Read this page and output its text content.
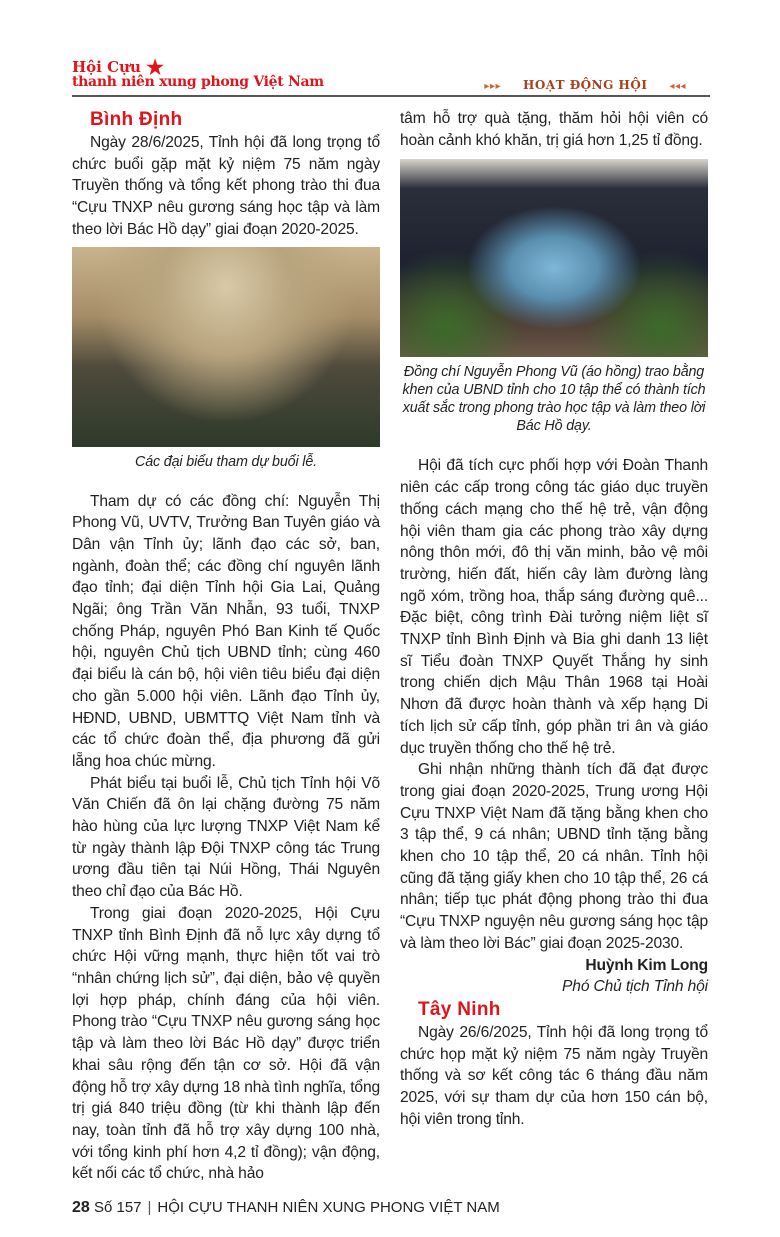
Hội Cựu ★
thanh niên xung phong Việt Nam	▸▸▸ HOẠT ĐỘNG HỘI ◂◂◂
Bình Định

Ngày 28/6/2025, Tỉnh hội đã long trọng tổ chức buổi gặp mặt kỷ niệm 75 năm ngày Truyền thống và tổng kết phong trào thi đua “Cựu TNXP nêu gương sáng học tập và làm theo lời Bác Hồ dạy” giai đoạn 2020-2025.

Các đại biểu tham dự buổi lễ.

Tham dự có các đồng chí: Nguyễn Thị Phong Vũ, UVTV, Trưởng Ban Tuyên giáo và Dân vận Tỉnh ủy; lãnh đạo các sở, ban, ngành, đoàn thể; các đồng chí nguyên lãnh đạo tỉnh; đại diện Tỉnh hội Gia Lai, Quảng Ngãi; ông Trần Văn Nhẫn, 93 tuổi, TNXP chống Pháp, nguyên Phó Ban Kinh tế Quốc hội, nguyên Chủ tịch UBND tỉnh; cùng 460 đại biểu là cán bộ, hội viên tiêu biểu đại diện cho gần 5.000 hội viên. Lãnh đạo Tỉnh ủy, HĐND, UBND, UBMTTQ Việt Nam tỉnh và các tổ chức đoàn thể, địa phương đã gửi lẵng hoa chúc mừng.

Phát biểu tại buổi lễ, Chủ tịch Tỉnh hội Võ Văn Chiến đã ôn lại chặng đường 75 năm hào hùng của lực lượng TNXP Việt Nam kể từ ngày thành lập Đội TNXP công tác Trung ương đầu tiên tại Núi Hồng, Thái Nguyên theo chỉ đạo của Bác Hồ.

Trong giai đoạn 2020-2025, Hội Cựu TNXP tỉnh Bình Định đã nỗ lực xây dựng tổ chức Hội vững mạnh, thực hiện tốt vai trò “nhân chứng lịch sử”, đại diện, bảo vệ quyền lợi hợp pháp, chính đáng của hội viên. Phong trào “Cựu TNXP nêu gương sáng học tập và làm theo lời Bác Hồ dạy” được triển khai sâu rộng đến tận cơ sở. Hội đã vận động hỗ trợ xây dựng 18 nhà tình nghĩa, tổng trị giá 840 triệu đồng (từ khi thành lập đến nay, toàn tỉnh đã hỗ trợ xây dựng 100 nhà, với tổng kinh phí hơn 4,2 tỉ đồng); vận động, kết nối các tổ chức, nhà hảo

tâm hỗ trợ quà tặng, thăm hỏi hội viên có hoàn cảnh khó khăn, trị giá hơn 1,25 tỉ đồng.

Đồng chí Nguyễn Phong Vũ (áo hồng) trao bằng khen của UBND tỉnh cho 10 tập thể có thành tích xuất sắc trong phong trào học tập và làm theo lời Bác Hồ dạy.

Hội đã tích cực phối hợp với Đoàn Thanh niên các cấp trong công tác giáo dục truyền thống cách mạng cho thế hệ trẻ, vận động hội viên tham gia các phong trào xây dựng nông thôn mới, đô thị văn minh, bảo vệ môi trường, hiến đất, hiến cây làm đường làng ngõ xóm, trồng hoa, thắp sáng đường quê... Đặc biệt, công trình Đài tưởng niệm liệt sĩ TNXP tỉnh Bình Định và Bia ghi danh 13 liệt sĩ Tiểu đoàn TNXP Quyết Thắng hy sinh trong chiến dịch Mậu Thân 1968 tại Hoài Nhơn đã được hoàn thành và xếp hạng Di tích lịch sử cấp tỉnh, góp phần tri ân và giáo dục truyền thống cho thế hệ trẻ.

Ghi nhận những thành tích đã đạt được trong giai đoạn 2020-2025, Trung ương Hội Cựu TNXP Việt Nam đã tặng bằng khen cho 3 tập thể, 9 cá nhân; UBND tỉnh tặng bằng khen cho 10 tập thể, 20 cá nhân. Tỉnh hội cũng đã tặng giấy khen cho 10 tập thể, 26 cá nhân; tiếp tục phát động phong trào thi đua “Cựu TNXP nguyện nêu gương sáng học tập và làm theo lời Bác” giai đoạn 2025-2030.

Huỳnh Kim Long
Phó Chủ tịch Tỉnh hội
Tây Ninh

Ngày 26/6/2025, Tỉnh hội đã long trọng tổ chức họp mặt kỷ niệm 75 năm ngày Truyền thống và sơ kết công tác 6 tháng đầu năm 2025, với sự tham dự của hơn 150 cán bộ, hội viên trong tỉnh.

28 Số 157 | HỘI CỰU THANH NIÊN XUNG PHONG VIỆT NAM
